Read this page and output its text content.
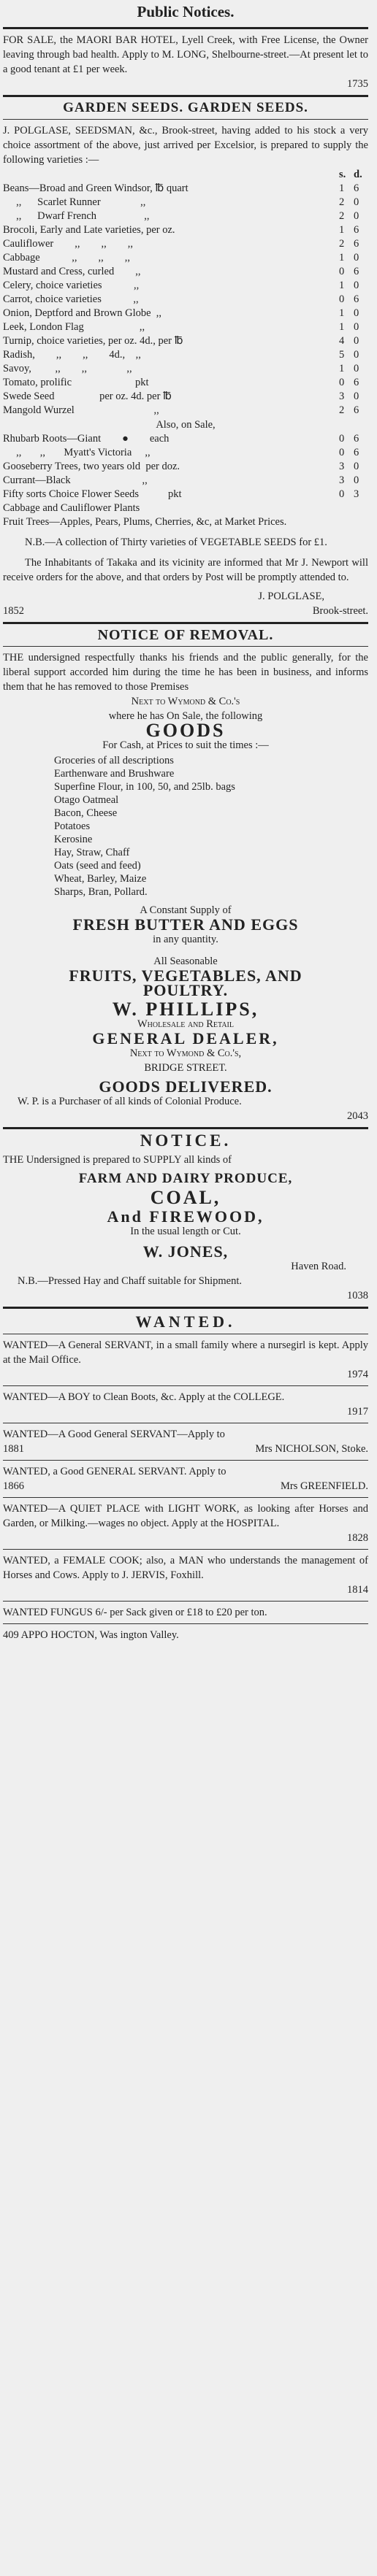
Public Notices.

FOR SALE, the MAORI BAR HOTEL, Lyell Creek, with Free License, the Owner leaving through bad health. Apply to M. LONG, Shelbourne-street.—At present let to a good tenant at £1 per week.

1735
GARDEN SEEDS. GARDEN SEEDS.

J. POLGLASE, SEEDSMAN, &c., Brook-street, having added to his stock a very choice assortment of the above, just arrived per Excelsior, is prepared to supply the following varieties :—

s. d.
Beans—Broad and Green Windsor, ℔ quart	1 6
,,      Scarlet Runner               ,,	2 0
,,      Dwarf French                  ,,	2 0
Brocoli, Early and Late varieties, per oz.	1 6
Cauliflower        ,,        ,,        ,,	2 6
Cabbage            ,,        ,,        ,,	1 0
Mustard and Cress, curled        ,,	0 6
Celery, choice varieties            ,,	1 0
Carrot, choice varieties            ,,	0 6
Onion, Deptford and Brown Globe  ,,	1 0
Leek, London Flag                     ,,	1 0
Turnip, choice varieties, per oz. 4d., per ℔	4 0
Radish,        ,,        ,,        4d.,    ,,	5 0
Savoy,         ,,        ,,               ,,	1 0
Tomato, prolific                        pkt	0 6
Swede Seed                 per oz. 4d. per ℔	3 0
Mangold Wurzel                              ,,	2 6
Also, on Sale,
Rhubarb Roots—Giant        ●        each	0 6
,,       ,,       Myatt's Victoria     ,,	0 6
Gooseberry Trees, two years old  per doz.	3 0
Currant—Black                           ,,	3 0
Fifty sorts Choice Flower Seeds           pkt	0 3
Cabbage and Cauliflower Plants
Fruit Trees—Apples, Pears, Plums, Cherries, &c, at Market Prices.

N.B.—A collection of Thirty varieties of VEGETABLE SEEDS for £1.

The Inhabitants of Takaka and its vicinity are informed that Mr J. Newport will receive orders for the above, and that orders by Post will be promptly attended to.

J. POLGLASE,
1852	Brook-street.
NOTICE OF REMOVAL.

THE undersigned respectfully thanks his friends and the public generally, for the liberal support accorded him during the time he has been in business, and informs them that he has removed to those Premises

Next to Wymond & Co.'s
where he has On Sale, the following
GOODS
For Cash, at Prices to suit the times :—
Groceries of all descriptions
Earthenware and Brushware
Superfine Flour, in 100, 50, and 25lb. bags
Otago Oatmeal
Bacon, Cheese
Potatoes
Kerosine
Hay, Straw, Chaff
Oats (seed and feed)
Wheat, Barley, Maize
Sharps, Bran, Pollard.
A Constant Supply of
FRESH BUTTER AND EGGS
in any quantity.
All Seasonable
FRUITS, VEGETABLES, AND
POULTRY.
W. PHILLIPS,
Wholesale and Retail
GENERAL DEALER,
Next to Wymond & Co.'s,
BRIDGE STREET.
GOODS DELIVERED.

W. P. is a Purchaser of all kinds of Colonial Produce.

2043
NOTICE.

THE Undersigned is prepared to SUPPLY all kinds of

FARM AND DAIRY PRODUCE,
COAL,
And FIREWOOD,
In the usual length or Cut.
W. JONES,
Haven Road.

N.B.—Pressed Hay and Chaff suitable for Shipment.

1038
WANTED.

WANTED—A General SERVANT, in a small family where a nursegirl is kept. Apply at the Mail Office.

1974

WANTED—A BOY to Clean Boots, &c. Apply at the COLLEGE.

1917

WANTED—A Good General SERVANT—Apply to

1881	Mrs NICHOLSON, Stoke.

WANTED, a Good GENERAL SERVANT. Apply to

1866	Mrs GREENFIELD.

WANTED—A QUIET PLACE with LIGHT WORK, as looking after Horses and Garden, or Milking.—wages no object. Apply at the HOSPITAL.

1828

WANTED, a FEMALE COOK; also, a MAN who understands the management of Horses and Cows. Apply to J. JERVIS, Foxhill.

1814

WANTED FUNGUS 6/- per Sack given or £18 to £20 per ton.

409 APPO HOCTON, Was ington Valley.
